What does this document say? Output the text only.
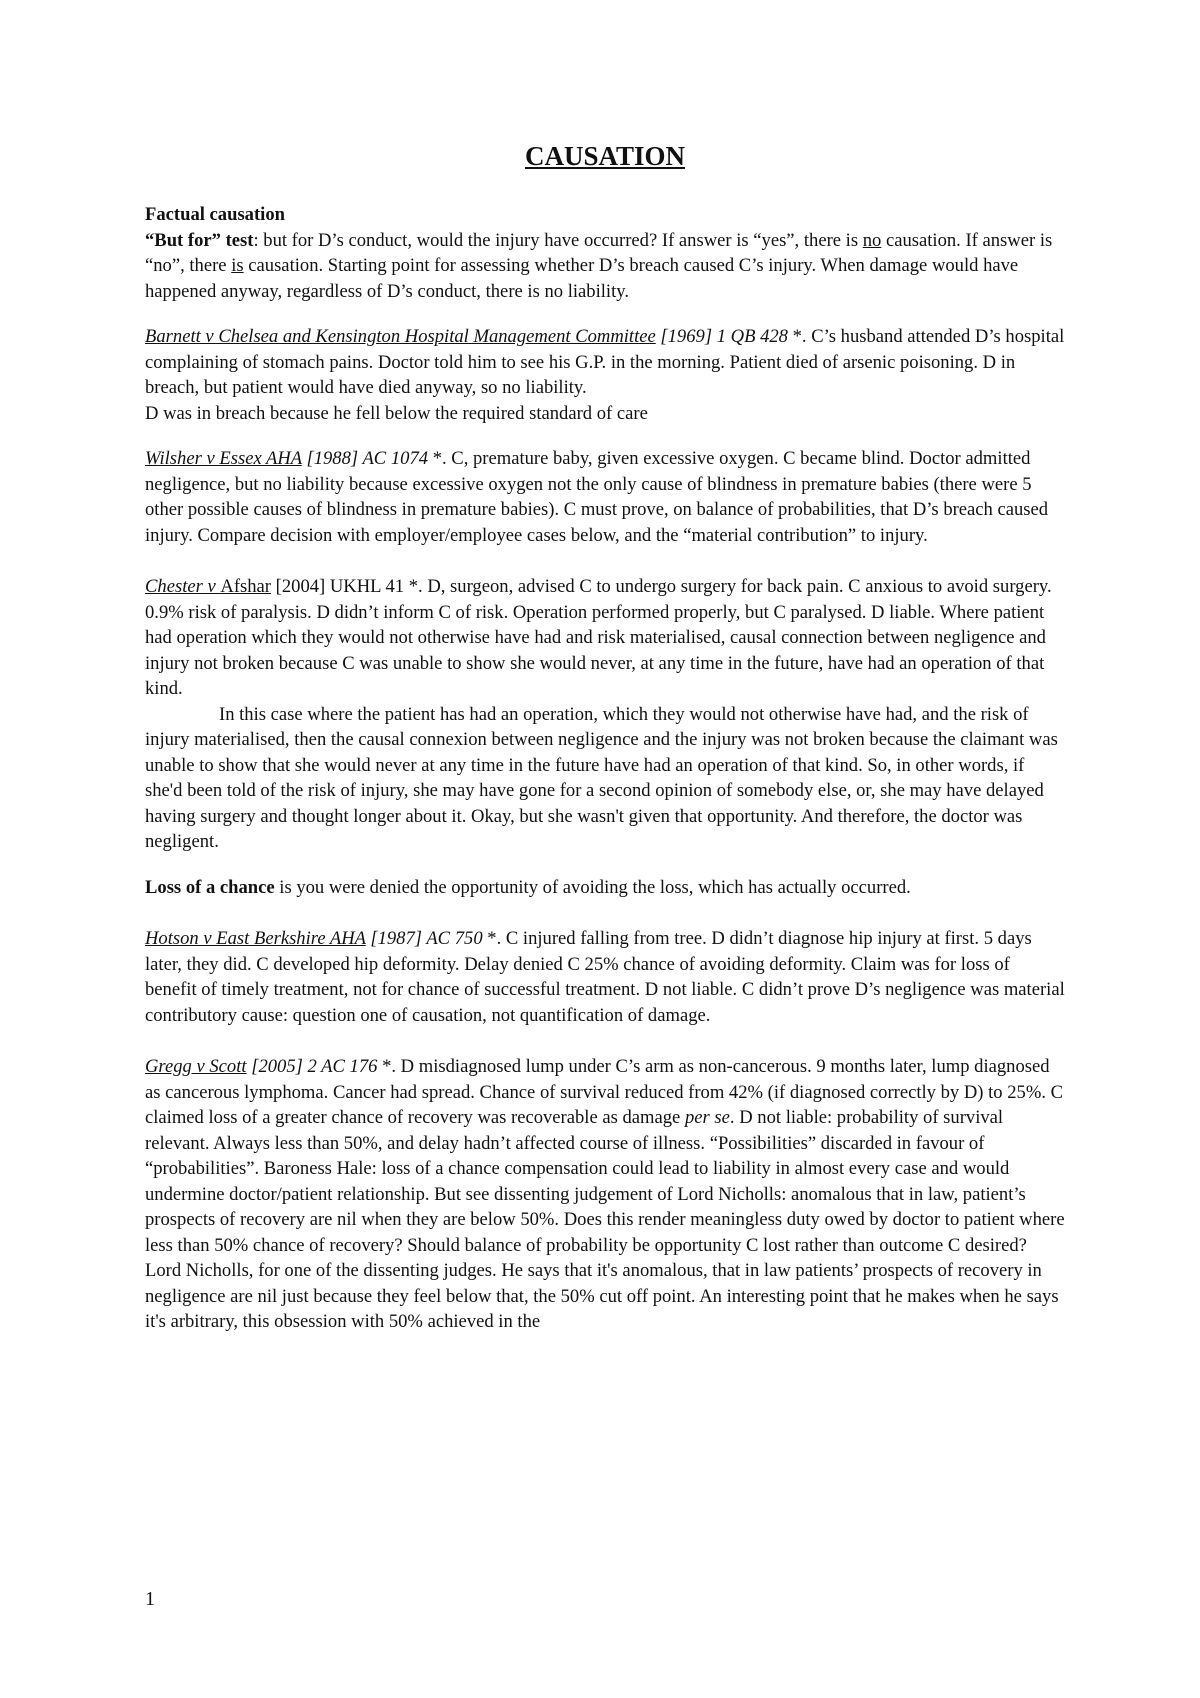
CAUSATION

Factual causation
“But for” test: but for D’s conduct, would the injury have occurred? If answer is “yes”, there is no causation. If answer is “no”, there is causation. Starting point for assessing whether D’s breach caused C’s injury. When damage would have happened anyway, regardless of D’s conduct, there is no liability.

Barnett v Chelsea and Kensington Hospital Management Committee [1969] 1 QB 428 *. C’s husband attended D’s hospital complaining of stomach pains. Doctor told him to see his G.P. in the morning. Patient died of arsenic poisoning. D in breach, but patient would have died anyway, so no liability.
D was in breach because he fell below the required standard of care

Wilsher v Essex AHA [1988] AC 1074 *. C, premature baby, given excessive oxygen. C became blind. Doctor admitted negligence, but no liability because excessive oxygen not the only cause of blindness in premature babies (there were 5 other possible causes of blindness in premature babies). C must prove, on balance of probabilities, that D’s breach caused injury. Compare decision with employer/employee cases below, and the “material contribution” to injury.

Chester v Afshar [2004] UKHL 41 *. D, surgeon, advised C to undergo surgery for back pain. C anxious to avoid surgery. 0.9% risk of paralysis. D didn’t inform C of risk. Operation performed properly, but C paralysed. D liable. Where patient had operation which they would not otherwise have had and risk materialised, causal connection between negligence and injury not broken because C was unable to show she would never, at any time in the future, have had an operation of that kind.

In this case where the patient has had an operation, which they would not otherwise have had, and the risk of injury materialised, then the causal connexion between negligence and the injury was not broken because the claimant was unable to show that she would never at any time in the future have had an operation of that kind. So, in other words, if she'd been told of the risk of injury, she may have gone for a second opinion of somebody else, or, she may have delayed having surgery and thought longer about it. Okay, but she wasn't given that opportunity. And therefore, the doctor was negligent.

Loss of a chance is you were denied the opportunity of avoiding the loss, which has actually occurred.

Hotson v East Berkshire AHA [1987] AC 750 *. C injured falling from tree. D didn’t diagnose hip injury at first. 5 days later, they did. C developed hip deformity. Delay denied C 25% chance of avoiding deformity. Claim was for loss of benefit of timely treatment, not for chance of successful treatment. D not liable. C didn’t prove D’s negligence was material contributory cause: question one of causation, not quantification of damage.

Gregg v Scott [2005] 2 AC 176 *. D misdiagnosed lump under C’s arm as non-cancerous. 9 months later, lump diagnosed as cancerous lymphoma. Cancer had spread. Chance of survival reduced from 42% (if diagnosed correctly by D) to 25%. C claimed loss of a greater chance of recovery was recoverable as damage per se. D not liable: probability of survival relevant. Always less than 50%, and delay hadn’t affected course of illness. “Possibilities” discarded in favour of “probabilities”. Baroness Hale: loss of a chance compensation could lead to liability in almost every case and would undermine doctor/patient relationship. But see dissenting judgement of Lord Nicholls: anomalous that in law, patient’s prospects of recovery are nil when they are below 50%. Does this render meaningless duty owed by doctor to patient where less than 50% chance of recovery? Should balance of probability be opportunity C lost rather than outcome C desired?

Lord Nicholls, for one of the dissenting judges. He says that it's anomalous, that in law patients’ prospects of recovery in negligence are nil just because they feel below that, the 50% cut off point. An interesting point that he makes when he says it's arbitrary, this obsession with 50% achieved in the

1
